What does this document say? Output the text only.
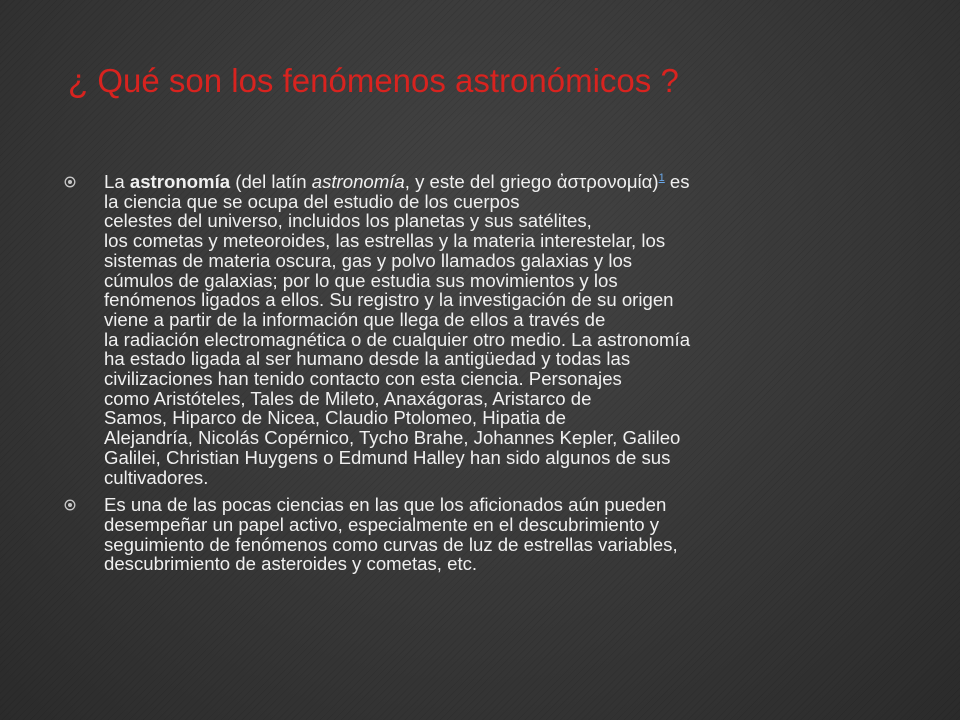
¿ Qué son los fenómenos astronómicos ?
La astronomía (del latín astronomía, y este del griego ἀστρονομία)$^1$ es
la ciencia que se ocupa del estudio de los cuerpos
celestes del universo, incluidos los planetas y sus satélites,
los cometas y meteoroides, las estrellas y la materia interestelar, los
sistemas de materia oscura, gas y polvo llamados galaxias y los
cúmulos de galaxias; por lo que estudia sus movimientos y los
fenómenos ligados a ellos. Su registro y la investigación de su origen
viene a partir de la información que llega de ellos a través de
la radiación electromagnética o de cualquier otro medio. La astronomía
ha estado ligada al ser humano desde la antigüedad y todas las
civilizaciones han tenido contacto con esta ciencia. Personajes
como Aristóteles, Tales de Mileto, Anaxágoras, Aristarco de
Samos, Hiparco de Nicea, Claudio Ptolomeo, Hipatia de
Alejandría, Nicolás Copérnico, Tycho Brahe, Johannes Kepler, Galileo
Galilei, Christian Huygens o Edmund Halley han sido algunos de sus
cultivadores.
Es una de las pocas ciencias en las que los aficionados aún pueden
desempeñar un papel activo, especialmente en el descubrimiento y
seguimiento de fenómenos como curvas de luz de estrellas variables,
descubrimiento de asteroides y cometas, etc.
